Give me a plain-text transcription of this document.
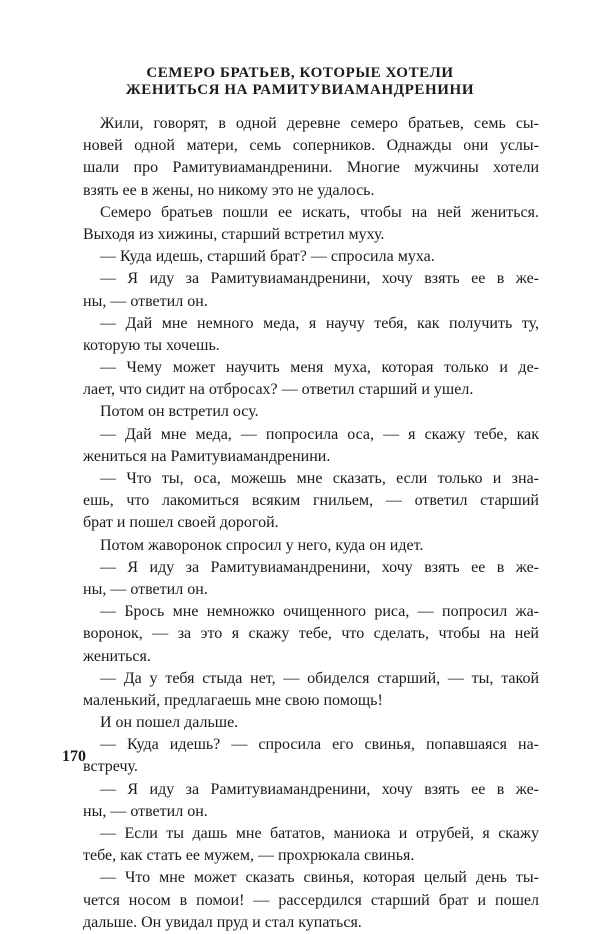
СЕМЕРО БРАТЬЕВ, КОТОРЫЕ ХОТЕЛИ
ЖЕНИТЬСЯ НА РАМИТУВИАМАНДРЕНИНИ
Жили, говорят, в одной деревне семеро братьев, семь сы-
новей одной матери, семь соперников. Однажды они услы-
шали про Рамитувиамандренини. Многие мужчины хотели
взять ее в жены, но никому это не удалось.
Семеро братьев пошли ее искать, чтобы на ней жениться.
Выходя из хижины, старший встретил муху.
— Куда идешь, старший брат? — спросила муха.
— Я иду за Рамитувиамандренини, хочу взять ее в же-
ны, — ответил он.
— Дай мне немного меда, я научу тебя, как получить ту,
которую ты хочешь.
— Чему может научить меня муха, которая только и де-
лает, что сидит на отбросах? — ответил старший и ушел.
Потом он встретил осу.
— Дай мне меда, — попросила оса, — я скажу тебе, как
жениться на Рамитувиамандренини.
— Что ты, оса, можешь мне сказать, если только и зна-
ешь, что лакомиться всяким гнильем, — ответил старший
брат и пошел своей дорогой.
Потом жаворонок спросил у него, куда он идет.
— Я иду за Рамитувиамандренини, хочу взять ее в же-
ны, — ответил он.
— Брось мне немножко очищенного риса, — попросил жа-
воронок, — за это я скажу тебе, что сделать, чтобы на ней
жениться.
— Да у тебя стыда нет, — обиделся старший, — ты, такой
маленький, предлагаешь мне свою помощь!
И он пошел дальше.
— Куда идешь? — спросила его свинья, попавшаяся на-
встречу.
— Я иду за Рамитувиамандренини, хочу взять ее в же-
ны, — ответил он.
— Если ты дашь мне бататов, маниока и отрубей, я скажу
тебе, как стать ее мужем, — прохрюкала свинья.
— Что мне может сказать свинья, которая целый день ты-
чется носом в помои! — рассердился старший брат и пошел
дальше. Он увидал пруд и стал купаться.
170
